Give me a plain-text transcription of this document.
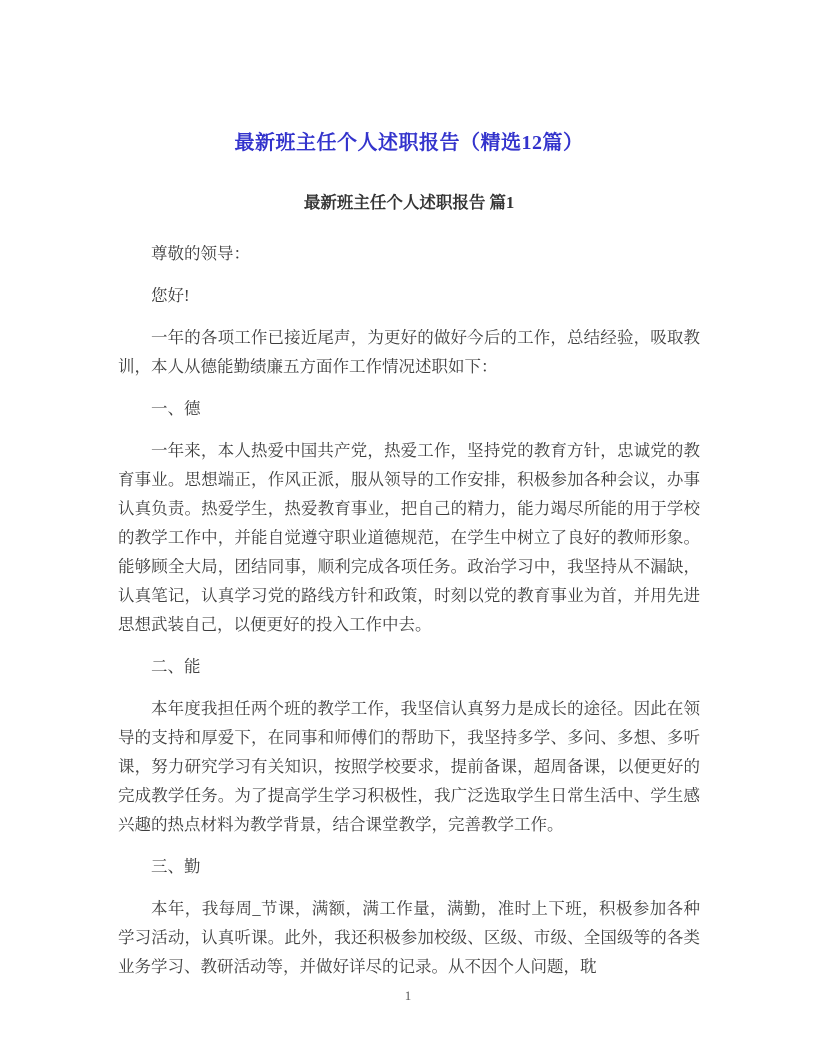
最新班主任个人述职报告（精选12篇）
最新班主任个人述职报告 篇1

尊敬的领导：

您好!

一年的各项工作已接近尾声，为更好的做好今后的工作，总结经验，吸取教训，本人从德能勤绩廉五方面作工作情况述职如下：

一、德

一年来，本人热爱中国共产党，热爱工作，坚持党的教育方针，忠诚党的教育事业。思想端正，作风正派，服从领导的工作安排，积极参加各种会议，办事认真负责。热爱学生，热爱教育事业，把自己的精力，能力竭尽所能的用于学校的教学工作中，并能自觉遵守职业道德规范，在学生中树立了良好的教师形象。能够顾全大局，团结同事，顺利完成各项任务。政治学习中，我坚持从不漏缺，认真笔记，认真学习党的路线方针和政策，时刻以党的教育事业为首，并用先进思想武装自己，以便更好的投入工作中去。

二、能

本年度我担任两个班的教学工作，我坚信认真努力是成长的途径。因此在领导的支持和厚爱下，在同事和师傅们的帮助下，我坚持多学、多问、多想、多听课，努力研究学习有关知识，按照学校要求，提前备课，超周备课，以便更好的完成教学任务。为了提高学生学习积极性，我广泛选取学生日常生活中、学生感兴趣的热点材料为教学背景，结合课堂教学，完善教学工作。

三、勤

本年，我每周_节课，满额，满工作量，满勤，准时上下班，积极参加各种学习活动，认真听课。此外，我还积极参加校级、区级、市级、全国级等的各类业务学习、教研活动等，并做好详尽的记录。从不因个人问题，耽

1
